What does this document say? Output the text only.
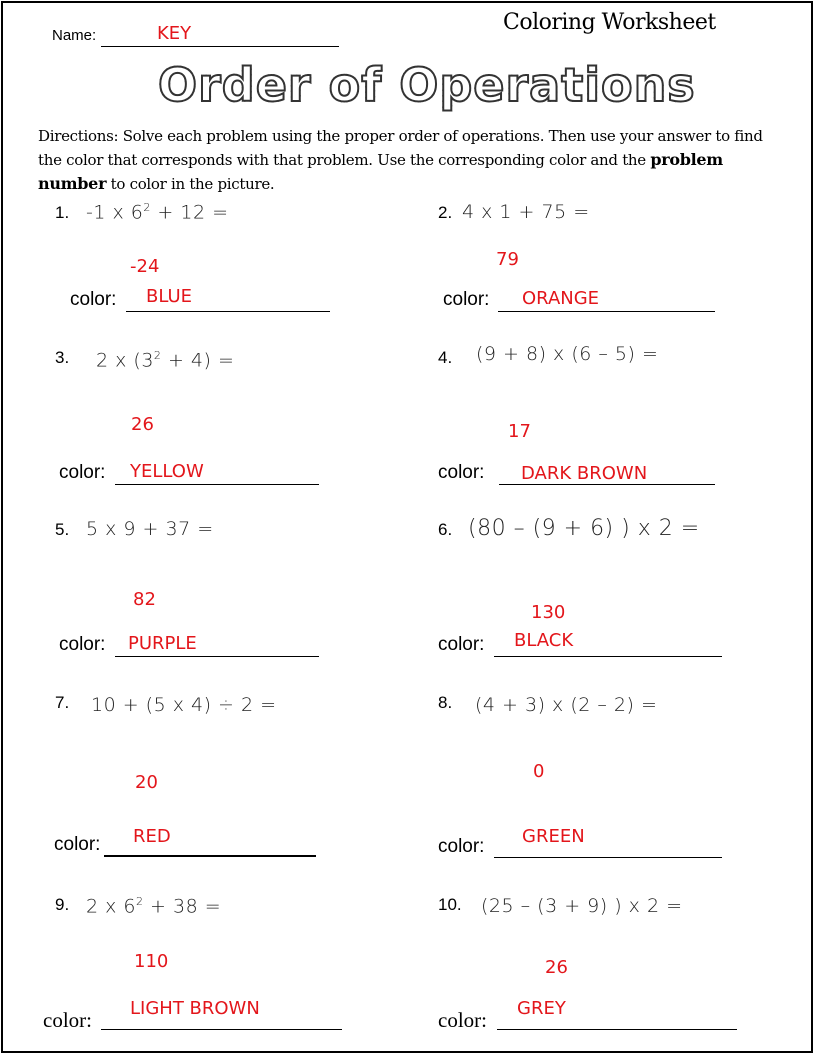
Name:	KEY	Coloring Worksheet
Order of Operations
Directions: Solve each problem using the proper order of operations. Then use your answer to find the color that corresponds with that problem. Use the corresponding color and the problem number to color in the picture.
1. -1 x $6^2 + 12$ =
-24
color: BLUE
2. 4 x 1 + 75 =
79
color: ORANGE
3. 2 x $(3^2 + 4)$ =
26
color: YELLOW
4. (9 + 8) x (6 – 5) =
17
color: DARK BROWN
5. 5 x 9 + 37 =
82
color: PURPLE
6. (80 – (9 + 6) ) x 2 =
130
color: BLACK
7. 10 + (5 x 4) ÷ 2 =
20
color: RED
8. (4 + 3) x (2 – 2) =
0
color: GREEN
9. 2 x $6^2 + 38$ =
110
color: LIGHT BROWN
10. (25 – (3 + 9) ) x 2 =
26
color: GREY
